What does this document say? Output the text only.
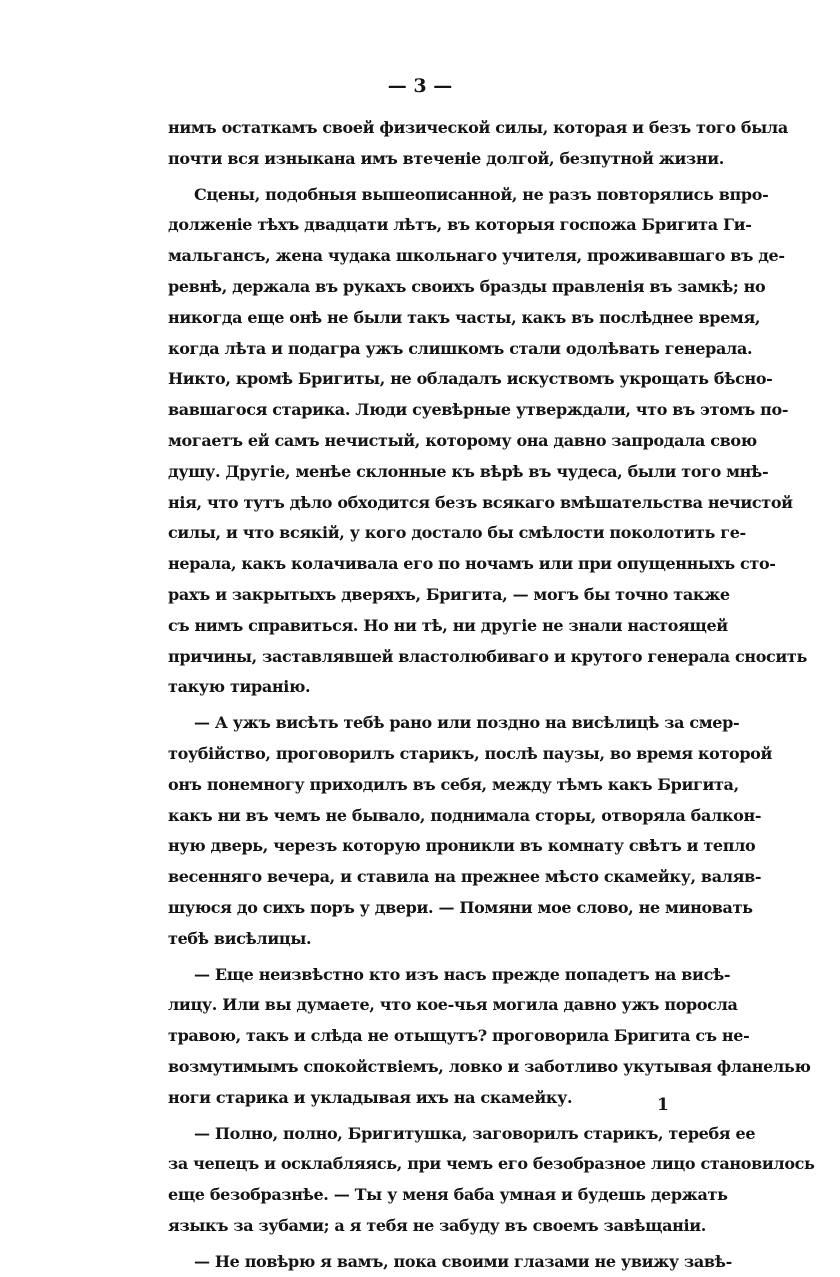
— 3 —
нимъ остаткамъ своей физической силы, которая и безъ того была
почти вся изныкана имъ втеченіе долгой, безпутной жизни.
Сцены, подобныя вышеописанной, не разъ повторялись впро-
долженіе тѣхъ двадцати лѣтъ, въ которыя госпожа Бригита Ги-
мальгансъ, жена чудака школьнаго учителя, проживавшаго въ де-
ревнѣ, держала въ рукахъ своихъ бразды правленія въ замкѣ; но
никогда еще онѣ не были такъ часты, какъ въ послѣднее время,
когда лѣта и подагра ужъ слишкомъ стали одолѣвать генерала.
Никто, кромѣ Бригиты, не обладалъ искуствомъ укрощать бѣсно-
вавшагося старика. Люди суевѣрные утверждали, что въ этомъ по-
могаетъ ей самъ нечистый, которому она давно запродала свою
душу. Другіе, менѣе склонные къ вѣрѣ въ чудеса, были того мнѣ-
нія, что тутъ дѣло обходится безъ всякаго вмѣшательства нечистой
силы, и что всякій, у кого достало бы смѣлости поколотить ге-
нерала, какъ колачивала его по ночамъ или при опущенныхъ сто-
рахъ и закрытыхъ дверяхъ, Бригита, — могъ бы точно также
съ нимъ справиться. Но ни тѣ, ни другіе не знали настоящей
причины, заставлявшей властолюбиваго и крутого генерала сносить
такую тиранію.
— А ужъ висѣть тебѣ рано или поздно на висѣлицѣ за смер-
тоубійство, проговорилъ старикъ, послѣ паузы, во время которой
онъ понемногу приходилъ въ себя, между тѣмъ какъ Бригита,
какъ ни въ чемъ не бывало, поднимала сторы, отворяла балкон-
ную дверь, черезъ которую проникли въ комнату свѣтъ и тепло
весенняго вечера, и ставила на прежнее мѣсто скамейку, валяв-
шуюся до сихъ поръ у двери. — Помяни мое слово, не миновать
тебѣ висѣлицы.
— Еще неизвѣстно кто изъ насъ прежде попадетъ на висѣ-
лицу. Или вы думаете, что кое-чья могила давно ужъ поросла
травою, такъ и слѣда не отыщутъ? проговорила Бригита съ не-
возмутимымъ спокойствіемъ, ловко и заботливо укутывая фланелью
ноги старика и укладывая ихъ на скамейку.
— Полно, полно, Бригитушка, заговорилъ старикъ, теребя ее
за чепецъ и осклабляясь, при чемъ его безобразное лицо становилось
еще безобразнѣе. — Ты у меня баба умная и будешь держать
языкъ за зубами; а я тебя не забуду въ своемъ завѣщаніи.
— Не повѣрю я вамъ, пока своими глазами не увижу завѣ-
1
